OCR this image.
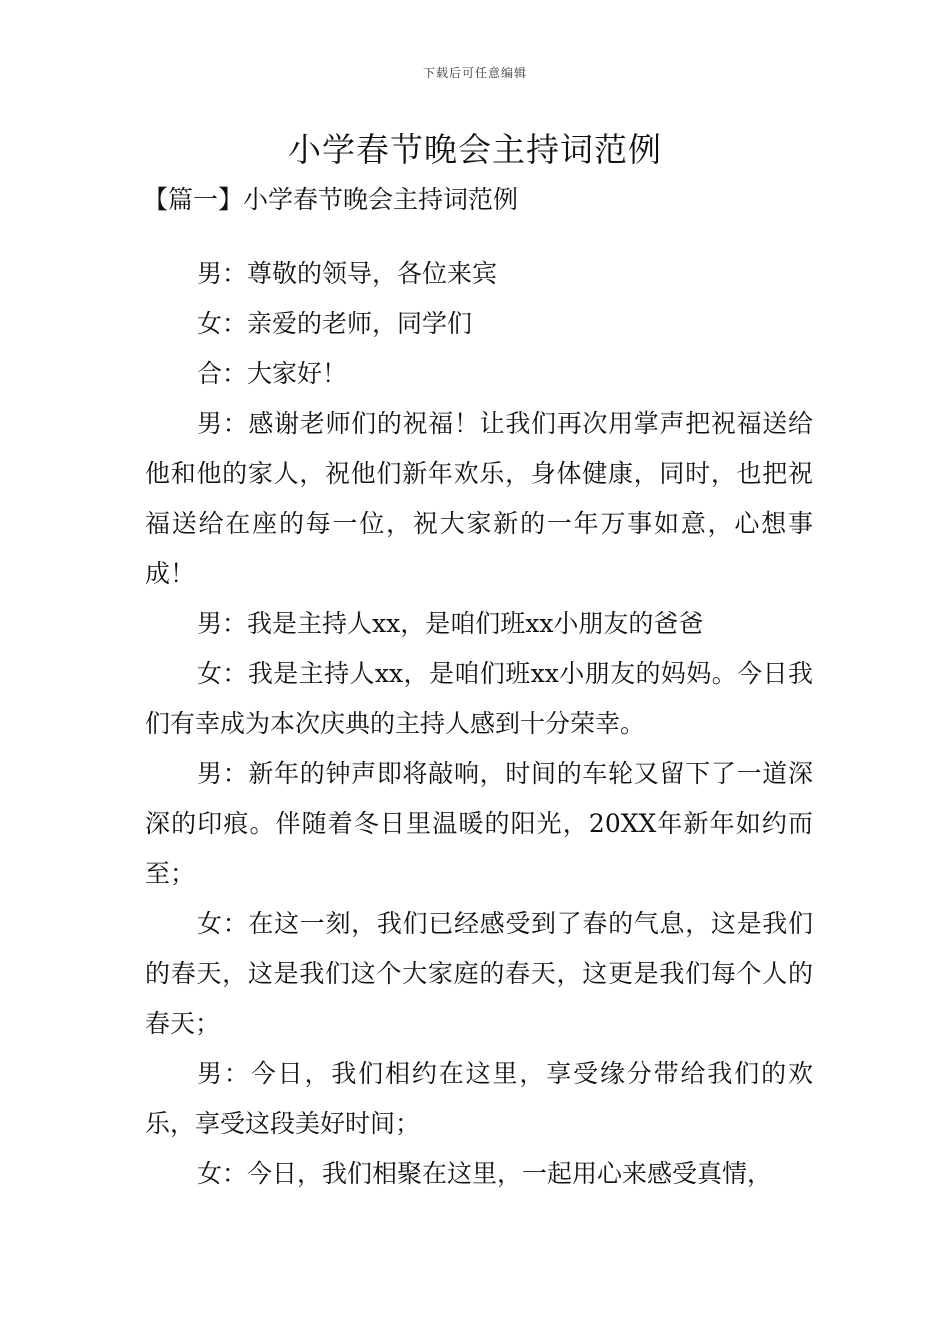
下载后可任意编辑
小学春节晚会主持词范例
【篇一】小学春节晚会主持词范例

男：尊敬的领导，各位来宾

女：亲爱的老师，同学们

合：大家好！

男：感谢老师们的祝福！让我们再次用掌声把祝福送给他和他的家人，祝他们新年欢乐，身体健康，同时，也把祝福送给在座的每一位，祝大家新的一年万事如意，心想事成！

男：我是主持人xx，是咱们班xx小朋友的爸爸

女：我是主持人xx，是咱们班xx小朋友的妈妈。今日我们有幸成为本次庆典的主持人感到十分荣幸。

男：新年的钟声即将敲响，时间的车轮又留下了一道深深的印痕。伴随着冬日里温暖的阳光，20XX年新年如约而至；

女：在这一刻，我们已经感受到了春的气息，这是我们的春天，这是我们这个大家庭的春天，这更是我们每个人的春天；

男：今日，我们相约在这里，享受缘分带给我们的欢乐，享受这段美好时间；

女：今日，我们相聚在这里，一起用心来感受真情，
